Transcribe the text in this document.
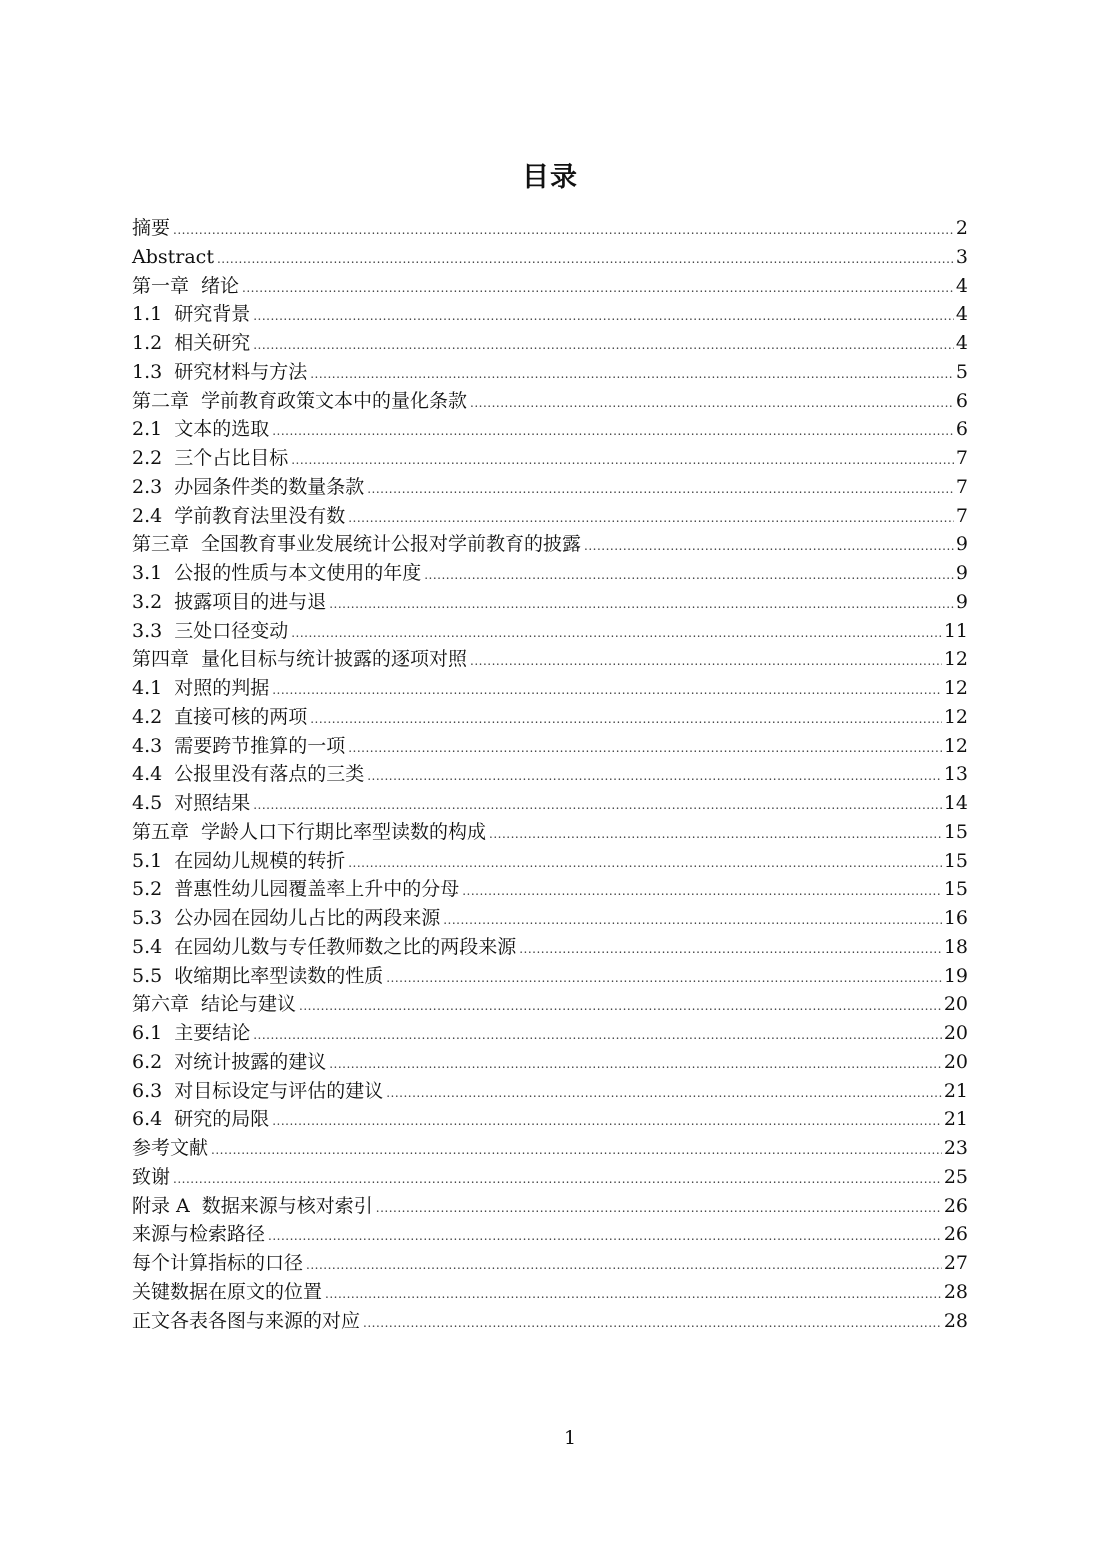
目录
摘要 .....	2
Abstract .....	3
第一章 绪论 .....	4
1.1 研究背景 .....	4
1.2 相关研究 .....	4
1.3 研究材料与方法 .....	5
第二章 学前教育政策文本中的量化条款 .....	6
2.1 文本的选取 .....	6
2.2 三个占比目标 .....	7
2.3 办园条件类的数量条款 .....	7
2.4 学前教育法里没有数 .....	7
第三章 全国教育事业发展统计公报对学前教育的披露 .....	9
3.1 公报的性质与本文使用的年度 .....	9
3.2 披露项目的进与退 .....	9
3.3 三处口径变动 .....	11
第四章 量化目标与统计披露的逐项对照 .....	12
4.1 对照的判据 .....	12
4.2 直接可核的两项 .....	12
4.3 需要跨节推算的一项 .....	12
4.4 公报里没有落点的三类 .....	13
4.5 对照结果 .....	14
第五章 学龄人口下行期比率型读数的构成 .....	15
5.1 在园幼儿规模的转折 .....	15
5.2 普惠性幼儿园覆盖率上升中的分母 .....	15
5.3 公办园在园幼儿占比的两段来源 .....	16
5.4 在园幼儿数与专任教师数之比的两段来源 .....	18
5.5 收缩期比率型读数的性质 .....	19
第六章 结论与建议 .....	20
6.1 主要结论 .....	20
6.2 对统计披露的建议 .....	20
6.3 对目标设定与评估的建议 .....	21
6.4 研究的局限 .....	21
参考文献 .....	23
致谢 .....	25
附录 A 数据来源与核对索引 .....	26
来源与检索路径 .....	26
每个计算指标的口径 .....	27
关键数据在原文的位置 .....	28
正文各表各图与来源的对应 .....	28
1
